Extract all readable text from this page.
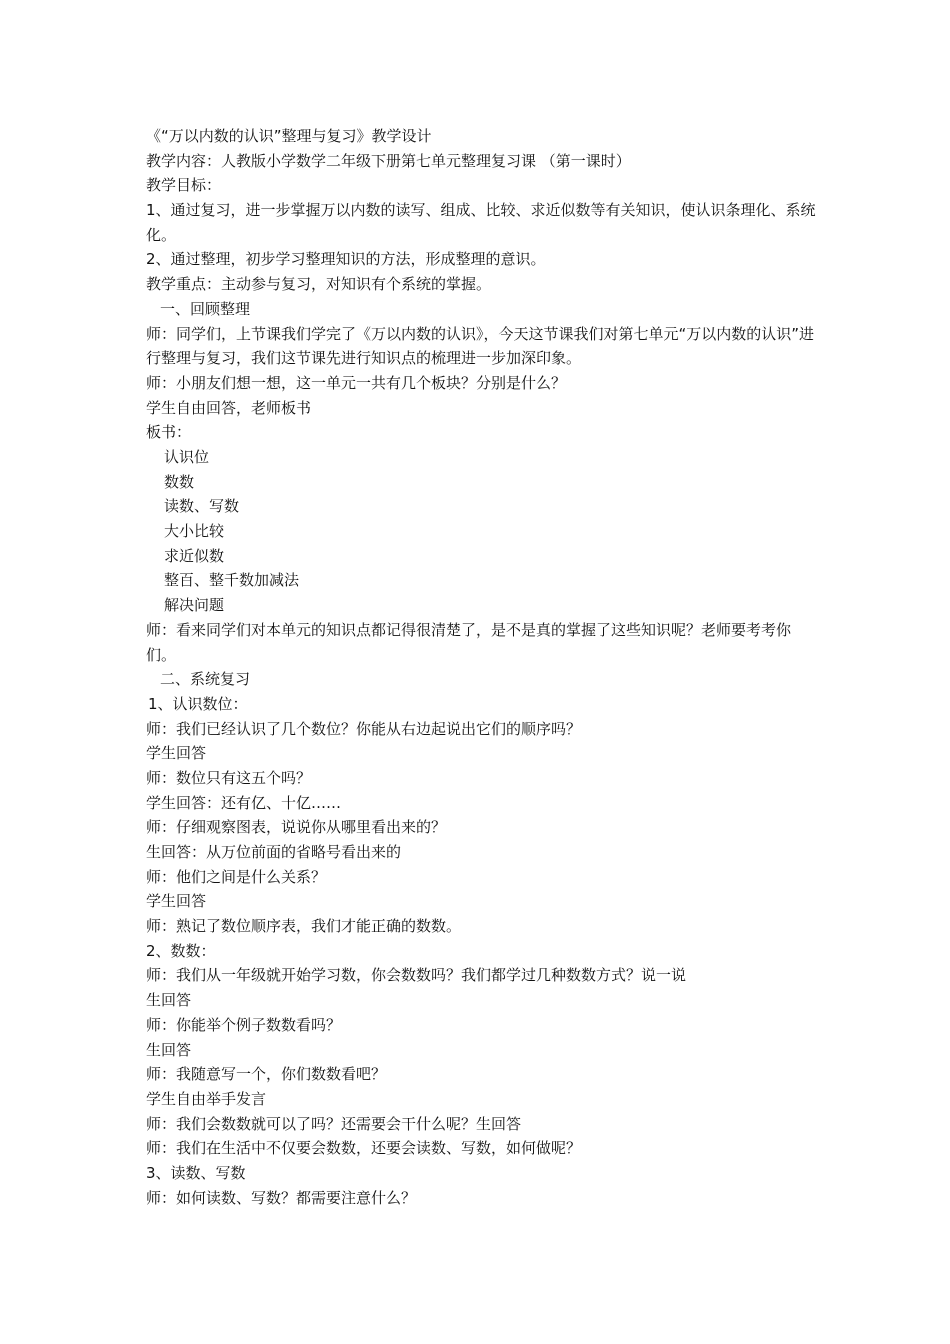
《“万以内数的认识”整理与复习》教学设计
教学内容：人教版小学数学二年级下册第七单元整理复习课 （第一课时）
教学目标：
1、通过复习，进一步掌握万以内数的读写、组成、比较、求近似数等有关知识，使认识条理化、系统化。
2、通过整理，初步学习整理知识的方法，形成整理的意识。
教学重点：主动参与复习，对知识有个系统的掌握。
一、回顾整理
师：同学们，上节课我们学完了《万以内数的认识》，今天这节课我们对第七单元“万以内数的认识”进行整理与复习，我们这节课先进行知识点的梳理进一步加深印象。
师：小朋友们想一想，这一单元一共有几个板块？分别是什么？
学生自由回答，老师板书
板书：
认识位
数数
读数、写数
大小比较
求近似数
整百、整千数加减法
解决问题
师：看来同学们对本单元的知识点都记得很清楚了，是不是真的掌握了这些知识呢？老师要考考你们。
二、系统复习
1、认识数位：
师：我们已经认识了几个数位？你能从右边起说出它们的顺序吗？
学生回答
师：数位只有这五个吗？
学生回答：还有亿、十亿……
师：仔细观察图表，说说你从哪里看出来的？
生回答：从万位前面的省略号看出来的
师：他们之间是什么关系？
学生回答
师：熟记了数位顺序表，我们才能正确的数数。
2、数数：
师：我们从一年级就开始学习数，你会数数吗？我们都学过几种数数方式？说一说
生回答
师：你能举个例子数数看吗？
生回答
师：我随意写一个，你们数数看吧？
学生自由举手发言
师：我们会数数就可以了吗？还需要会干什么呢？生回答
师：我们在生活中不仅要会数数，还要会读数、写数，如何做呢？
3、读数、写数
师：如何读数、写数？都需要注意什么？
